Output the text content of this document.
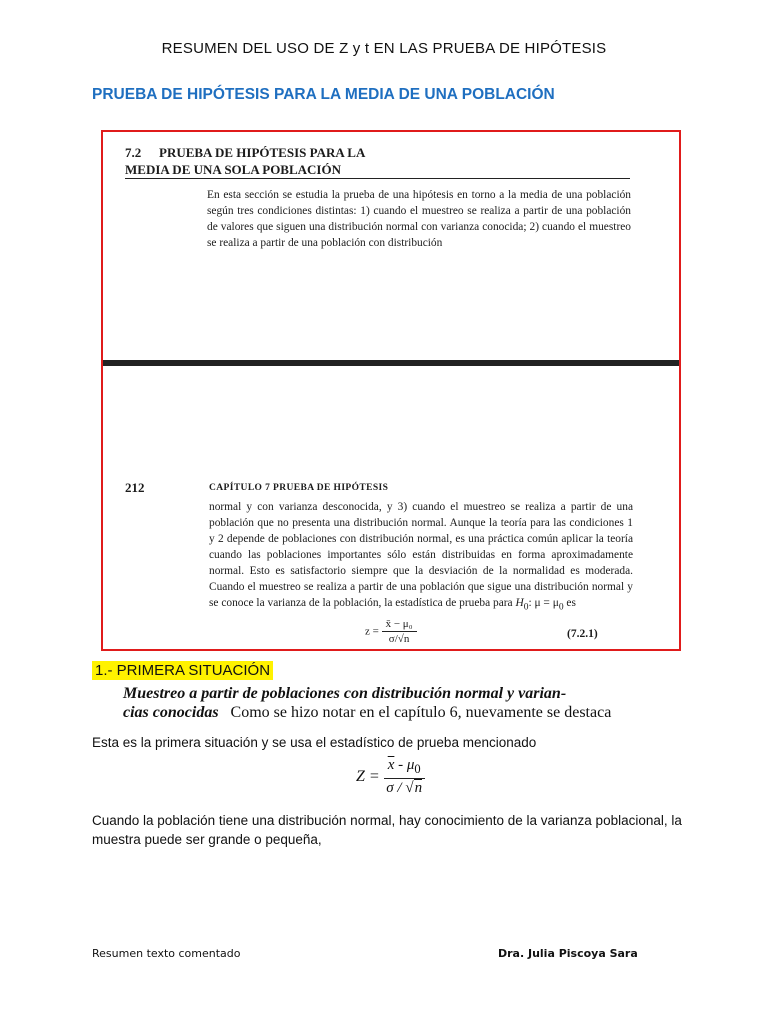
RESUMEN DEL USO DE Z y t EN LAS PRUEBA DE HIPÓTESIS
PRUEBA DE HIPÓTESIS PARA LA MEDIA DE UNA POBLACIÓN
7.2 PRUEBA DE HIPÓTESIS PARA LA
MEDIA DE UNA SOLA POBLACIÓN
En esta sección se estudia la prueba de una hipótesis en torno a la media de una población según tres condiciones distintas: 1) cuando el muestreo se realiza a partir de una población de valores que siguen una distribución normal con varianza conocida; 2) cuando el muestreo se realiza a partir de una población con distribución
212	CAPÍTULO 7 PRUEBA DE HIPÓTESIS
normal y con varianza desconocida, y 3) cuando el muestreo se realiza a partir de una población que no presenta una distribución normal. Aunque la teoría para las condiciones 1 y 2 depende de poblaciones con distribución normal, es una práctica común aplicar la teoría cuando las poblaciones importantes sólo están distribuidas en forma aproximadamente normal. Esto es satisfactorio siempre que la desviación de la normalidad es moderada. Cuando el muestreo se realiza a partir de una población que sigue una distribución normal y se conoce la varianza de la población, la estadística de prueba para $H_0$: $\mu = \mu_0$ es
$z = \frac{\text{x̄ − μ₀}}{\sigma/√n}$	(7.2.1)
1.- PRIMERA SITUACIÓN
Muestreo a partir de poblaciones con distribución normal y varian-
cias conocidas Como se hizo notar en el capítulo 6, nuevamente se destaca
Esta es la primera situación y se usa el estadístico de prueba mencionado
$Z = \frac{\overline{x} - \mu_0}{\sigma / √n}$
Cuando la población tiene una distribución normal, hay conocimiento de la varianza poblacional, la muestra puede ser grande o pequeña,
Resumen texto comentado	Dra. Julia Piscoya Sara
